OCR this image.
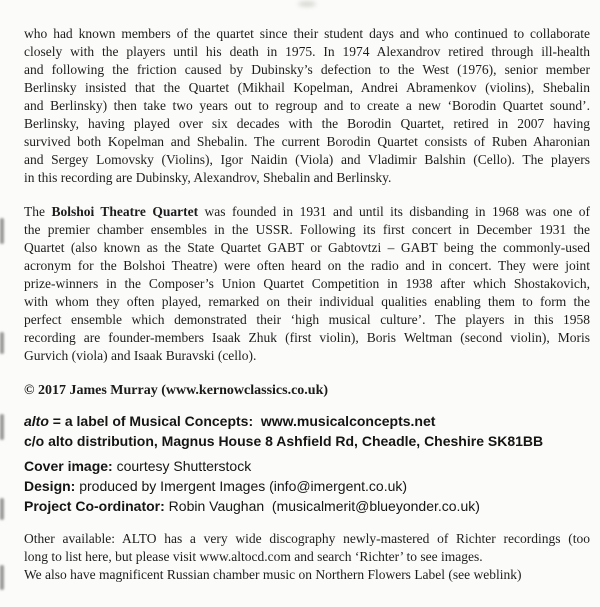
who had known members of the quartet since their student days and who continued to collaborate
closely with the players until his death in 1975. In 1974 Alexandrov retired through ill-health
and following the friction caused by Dubinsky’s defection to the West (1976), senior member
Berlinsky insisted that the Quartet (Mikhail Kopelman, Andrei Abramenkov (violins), Shebalin
and Berlinsky) then take two years out to regroup and to create a new ‘Borodin Quartet sound’.
Berlinsky, having played over six decades with the Borodin Quartet, retired in 2007 having
survived both Kopelman and Shebalin. The current Borodin Quartet consists of Ruben Aharonian
and Sergey Lomovsky (Violins), Igor Naidin (Viola) and Vladimir Balshin (Cello). The players
in this recording are Dubinsky, Alexandrov, Shebalin and Berlinsky.
The Bolshoi Theatre Quartet was founded in 1931 and until its disbanding in 1968 was one of
the premier chamber ensembles in the USSR. Following its first concert in December 1931 the
Quartet (also known as the State Quartet GABT or Gabtovtzi – GABT being the commonly-used
acronym for the Bolshoi Theatre) were often heard on the radio and in concert. They were joint
prize-winners in the Composer’s Union Quartet Competition in 1938 after which Shostakovich,
with whom they often played, remarked on their individual qualities enabling them to form the
perfect ensemble which demonstrated their ‘high musical culture’. The players in this 1958
recording are founder-members Isaak Zhuk (first violin), Boris Weltman (second violin), Moris
Gurvich (viola) and Isaak Buravski (cello).
© 2017 James Murray (www.kernowclassics.co.uk)
alto = a label of Musical Concepts:  www.musicalconcepts.net
c/o alto distribution, Magnus House 8 Ashfield Rd, Cheadle, Cheshire SK81BB
Cover image: courtesy Shutterstock
Design: produced by Imergent Images (info@imergent.co.uk)
Project Co-ordinator: Robin Vaughan  (musicalmerit@blueyonder.co.uk)
Other available: ALTO has a very wide discography newly-mastered of Richter recordings (too
long to list here, but please visit www.altocd.com and search ‘Richter’ to see images.
We also have magnificent Russian chamber music on Northern Flowers Label (see weblink)
